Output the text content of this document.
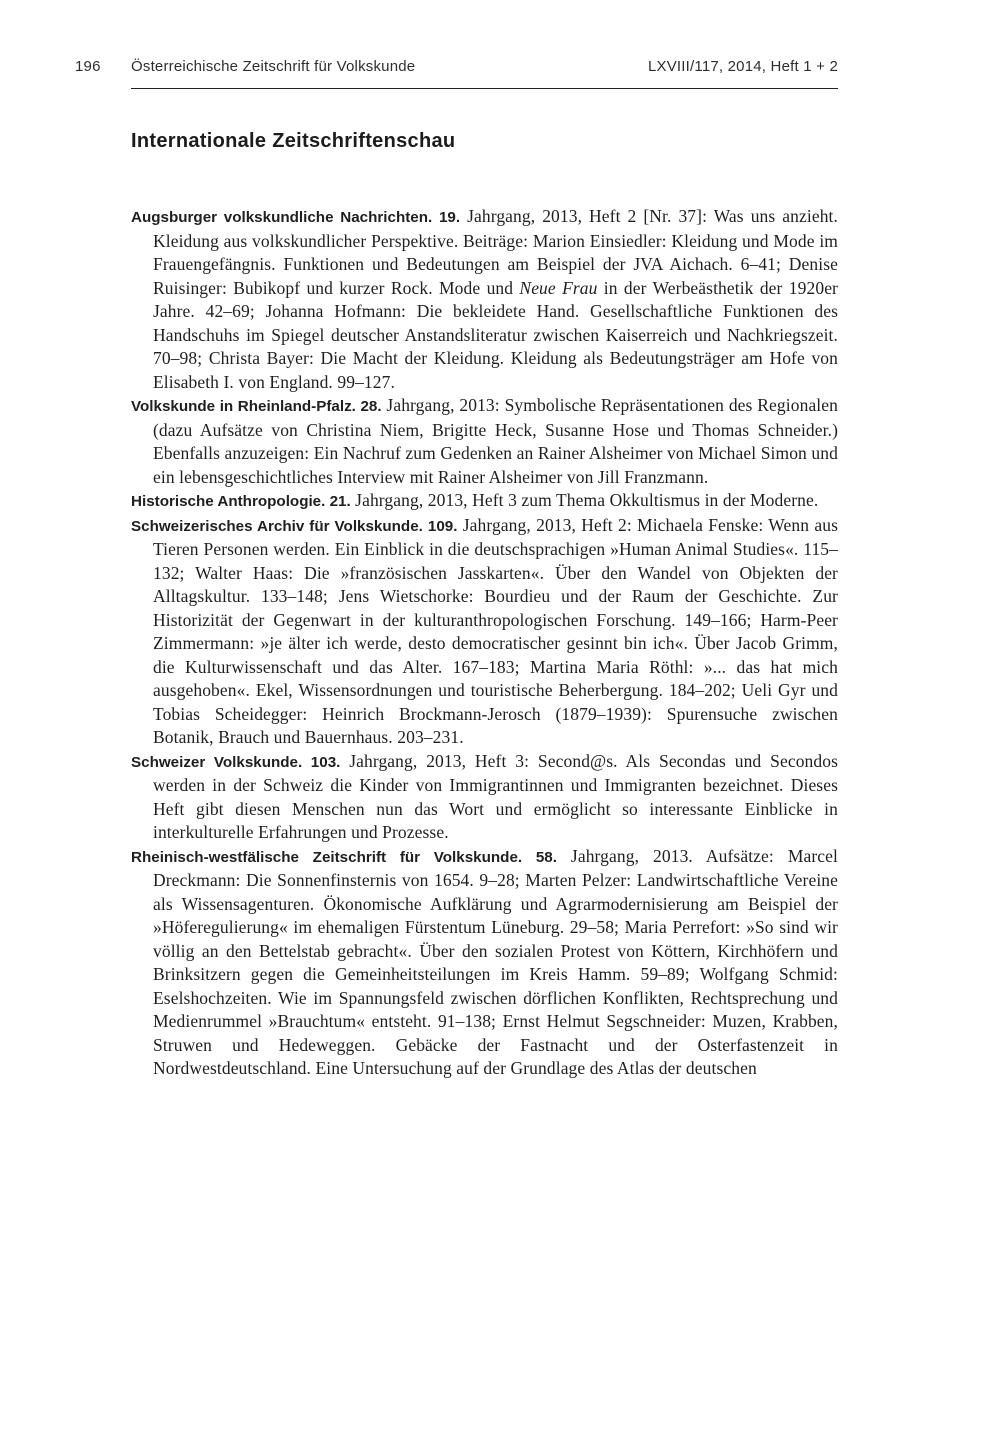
196	Österreichische Zeitschrift für Volkskunde	LXVIII/117, 2014, Heft 1 + 2
Internationale Zeitschriftenschau

Augsburger volkskundliche Nachrichten. 19. Jahrgang, 2013, Heft 2 [Nr. 37]: Was uns anzieht. Kleidung aus volkskundlicher Perspektive. Beiträge: Marion Einsiedler: Kleidung und Mode im Frauengefängnis. Funktionen und Bedeutungen am Beispiel der JVA Aichach. 6–41; Denise Ruisinger: Bubikopf und kurzer Rock. Mode und Neue Frau in der Werbeästhetik der 1920er Jahre. 42–69; Johanna Hofmann: Die bekleidete Hand. Gesellschaftliche Funktionen des Handschuhs im Spiegel deutscher Anstandsliteratur zwischen Kaiserreich und Nachkriegszeit. 70–98; Christa Bayer: Die Macht der Kleidung. Kleidung als Bedeutungsträger am Hofe von Elisabeth I. von England. 99–127.

Volkskunde in Rheinland-Pfalz. 28. Jahrgang, 2013: Symbolische Repräsentationen des Regionalen (dazu Aufsätze von Christina Niem, Brigitte Heck, Susanne Hose und Thomas Schneider.) Ebenfalls anzuzeigen: Ein Nachruf zum Gedenken an Rainer Alsheimer von Michael Simon und ein lebensgeschichtliches Interview mit Rainer Alsheimer von Jill Franzmann.

Historische Anthropologie. 21. Jahrgang, 2013, Heft 3 zum Thema Okkultismus in der Moderne.

Schweizerisches Archiv für Volkskunde. 109. Jahrgang, 2013, Heft 2: Michaela Fenske: Wenn aus Tieren Personen werden. Ein Einblick in die deutschsprachigen »Human Animal Studies«. 115–132; Walter Haas: Die »französischen Jasskarten«. Über den Wandel von Objekten der Alltagskultur. 133–148; Jens Wietschorke: Bourdieu und der Raum der Geschichte. Zur Historizität der Gegenwart in der kulturanthropologischen Forschung. 149–166; Harm-Peer Zimmermann: »je älter ich werde, desto democratischer gesinnt bin ich«. Über Jacob Grimm, die Kulturwissenschaft und das Alter. 167–183; Martina Maria Röthl: »... das hat mich ausgehoben«. Ekel, Wissensordnungen und touristische Beherbergung. 184–202; Ueli Gyr und Tobias Scheidegger: Heinrich Brockmann-Jerosch (1879–1939): Spurensuche zwischen Botanik, Brauch und Bauernhaus. 203–231.

Schweizer Volkskunde. 103. Jahrgang, 2013, Heft 3: Second@s. Als Secondas und Secondos werden in der Schweiz die Kinder von Immigrantinnen und Immigranten bezeichnet. Dieses Heft gibt diesen Menschen nun das Wort und ermöglicht so interessante Einblicke in interkulturelle Erfahrungen und Prozesse.

Rheinisch-westfälische Zeitschrift für Volkskunde. 58. Jahrgang, 2013. Aufsätze: Marcel Dreckmann: Die Sonnenfinsternis von 1654. 9–28; Marten Pelzer: Landwirtschaftliche Vereine als Wissensagenturen. Ökonomische Aufklärung und Agrarmodernisierung am Beispiel der »Höferegulierung« im ehemaligen Fürstentum Lüneburg. 29–58; Maria Perrefort: »So sind wir völlig an den Bettelstab gebracht«. Über den sozialen Protest von Köttern, Kirchhöfern und Brinksitzern gegen die Gemeinheitsteilungen im Kreis Hamm. 59–89; Wolfgang Schmid: Eselshochzeiten. Wie im Spannungsfeld zwischen dörflichen Konflikten, Rechtsprechung und Medienrummel »Brauchtum« entsteht. 91–138; Ernst Helmut Segschneider: Muzen, Krabben, Struwen und Hedeweggen. Gebäcke der Fastnacht und der Osterfastenzeit in Nordwestdeutschland. Eine Untersuchung auf der Grundlage des Atlas der deutschen
